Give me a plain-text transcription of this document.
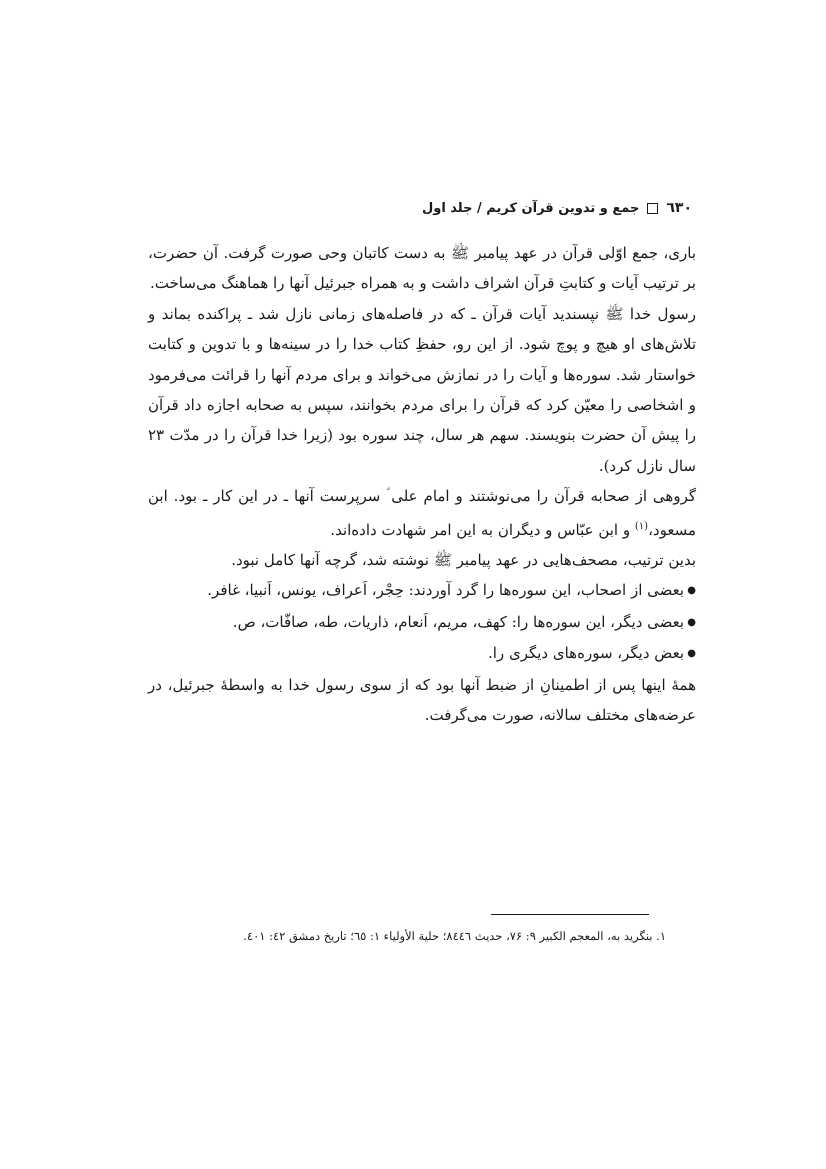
٦٣٠
جمع و تدوین قرآن کریم / جلد اول

باری، جمع اوّلی قرآن در عهد پیامبر ﷺ به دست کاتبان وحی صورت گرفت. آن حضرت، بر ترتیب آیات و کتابتِ قرآن اشراف داشت و به همراه جبرئیل آنها را هماهنگ می‌ساخت.

رسول خدا ﷺ نپسندید آیات قرآن ـ که در فاصله‌های زمانی نازل شد ـ پراکنده بماند و تلاش‌های او هیچ و پوچ شود. از این رو، حفظِ کتاب خدا را در سینه‌ها و با تدوین و کتابت خواستار شد. سوره‌ها و آیات را در نمازش می‌خواند و برای مردم آنها را قرائت می‌فرمود و اشخاصی را معیّن کرد که قرآن را برای مردم بخوانند، سپس به صحابه اجازه داد قرآن را پیش آن حضرت بنویسند. سهم هر سال، چند سوره بود (زیرا خدا قرآن را در مدّت ۲۳ سال نازل کرد).

گروهی از صحابه قرآن را می‌نوشتند و امام علی ؑ سرپرست آنها ـ در این کار ـ بود. ابن مسعود،$^{(۱)}$ و ابن عبّاس و دیگران به این امر شهادت داده‌اند.

بدین ترتیب، مصحف‌هایی در عهد پیامبر ﷺ نوشته شد، گرچه آنها کامل نبود.

● بعضی از اصحاب، این سوره‌ها را گرد آوردند: حِجْر، اَعراف، یونس، اَنبیا، غافر.

● بعضی دیگر، این سوره‌ها را: کهف، مریم، اَنعام، ذاریات، طه، صافّات، ص.

● بعض دیگر، سوره‌های دیگری را.

همهٔ اینها پس از اطمینانِ از ضبط آنها بود که از سوی رسول خدا به واسطهٔ جبرئیل، در عرضه‌های مختلف سالانه، صورت می‌گرفت.

۱. بنگرید به، المعجم الکبیر ۹: ۷۶، حدیث ۸٤٤٦؛ حلیة الأولیاء ۱: ٦٥؛ تاریخ دمشق ٤۲: ٤٠۱.
